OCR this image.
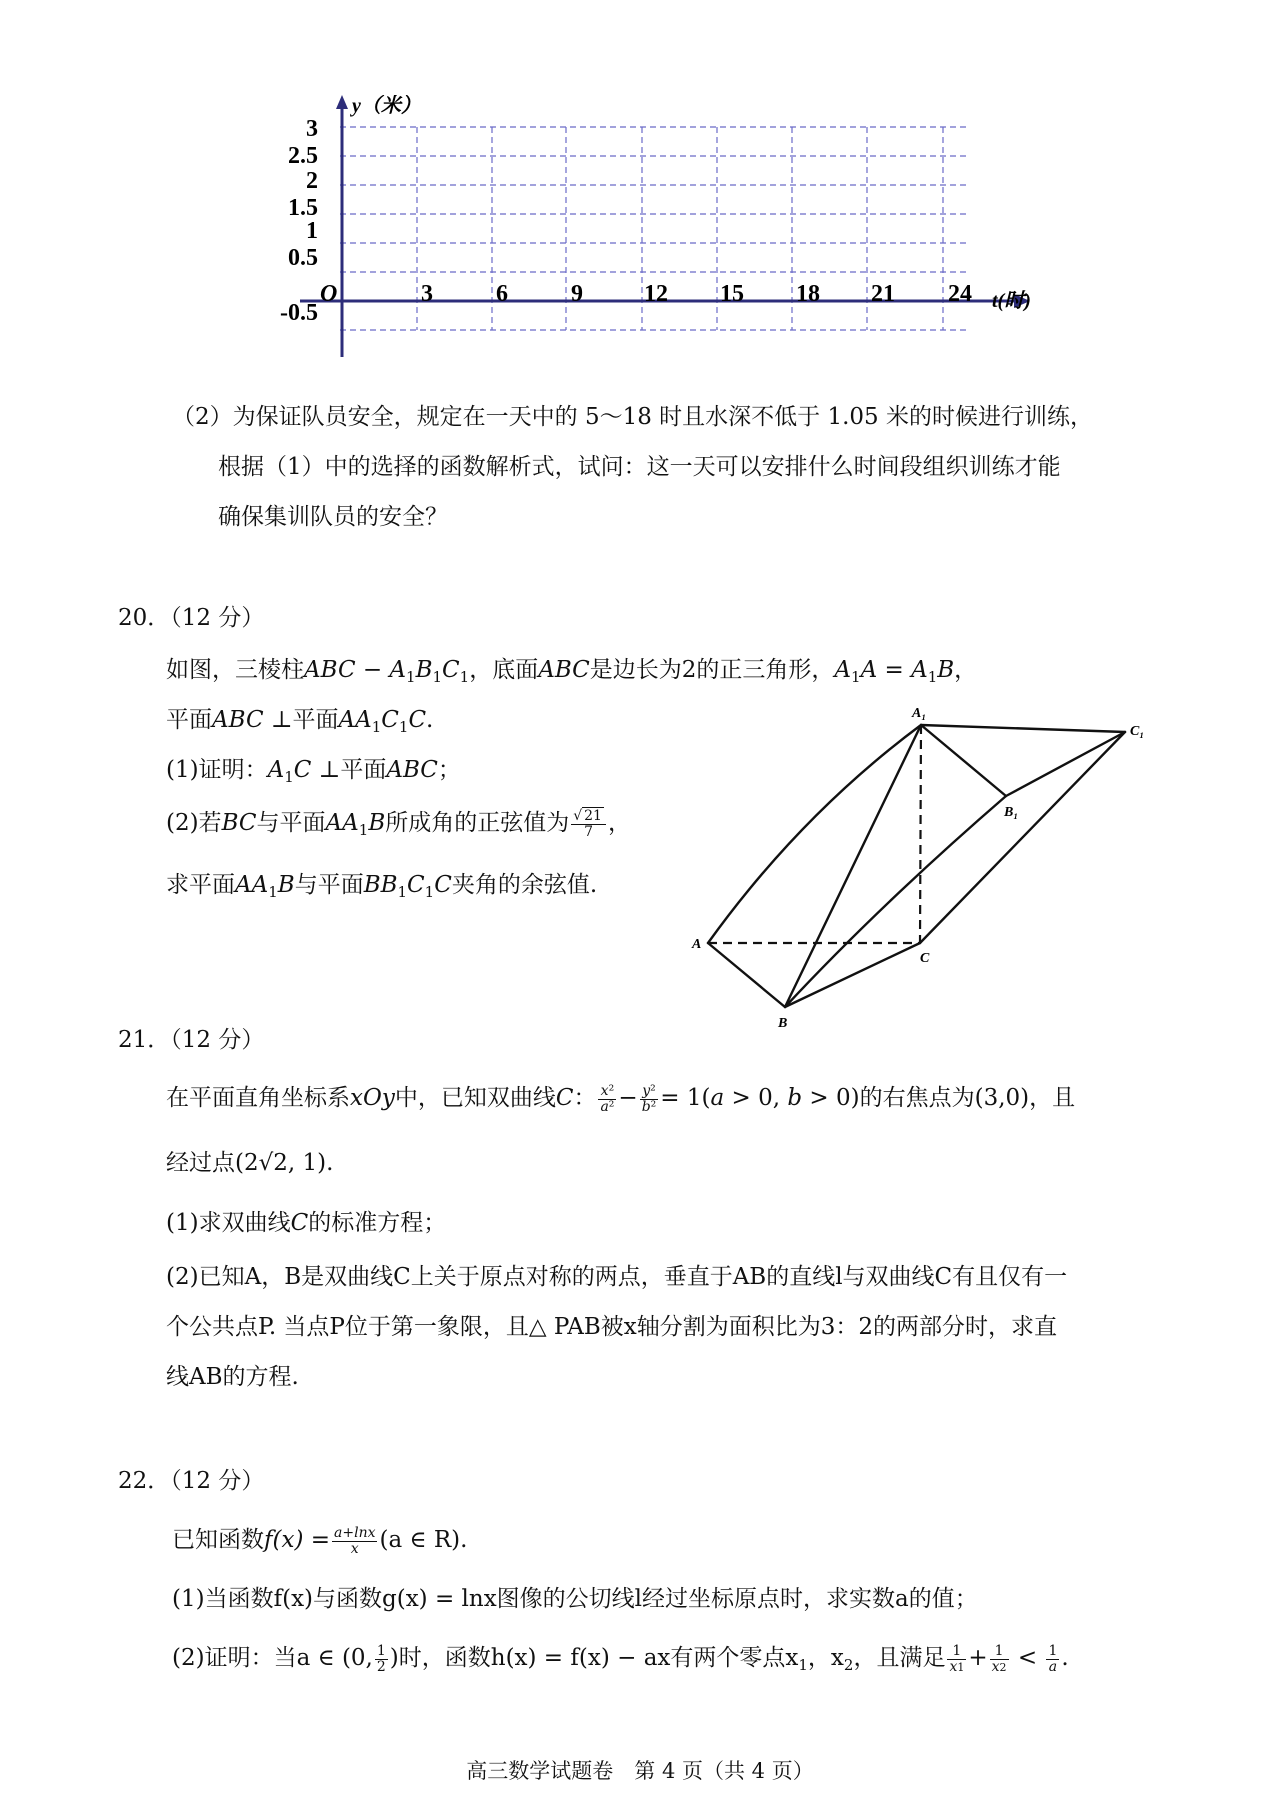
y（米）
3
2.5
2
1.5
1
0.5
-0.5
O	3	6	9	12 15 18 21 24 t(时)
（2）为保证队员安全，规定在一天中的 5～18 时且水深不低于 1.05 米的时候进行训练，
根据（1）中的选择的函数解析式，试问：这一天可以安排什么时间段组织训练才能
确保集训队员的安全？
20．（12 分）
如图，三棱柱ABC − $A_1B_1C_1$，底面ABC是边长为2的正三角形，$A_1A = A_1B$，
平面ABC ⊥平面$AA_1C_1C$.
(1)证明：$A_1C$ ⊥平面ABC；
(2)若BC与平面$AA_1B$所成角的正弦值为 $\frac{√ 21}{7}$ ，
求平面$AA_1B$与平面$BB_1C_1C$夹角的余弦值.
A₁
C₁
B₁
A
B
C
21．（12 分）
在平面直角坐标系xOy中，已知双曲线C： $\frac{\text{x²}}{\text{a²}} - \frac{\text{y²}}{\text{b²}} = 1(a > 0$, b > 0)的右焦点为(3,0)，且
经过点(2√2, 1).
(1)求双曲线C的标准方程；
(2)已知A，B是双曲线C上关于原点对称的两点，垂直于AB的直线l与双曲线C有且仅有一
个公共点P. 当点P位于第一象限，且△ PAB被x轴分割为面积比为3：2的两部分时，求直
线AB的方程.
22．（12 分）
已知函数$f(x) = \frac{a+\ln x}{x} (a$ ∈ R).
(1)当函数f(x)与函数g(x) = lnx图像的公切线l经过坐标原点时，求实数a的值；
(2)证明：当a ∈ (0, $\frac{1}{2}$ )时，函数h(x) = f(x) − ax有两个零点$x_1$，$x_2$，且满足 $\frac{1}{x1} + \frac{1}{x2} < \frac{1}{a}$ .
高三数学试题卷　第 4 页（共 4 页）
